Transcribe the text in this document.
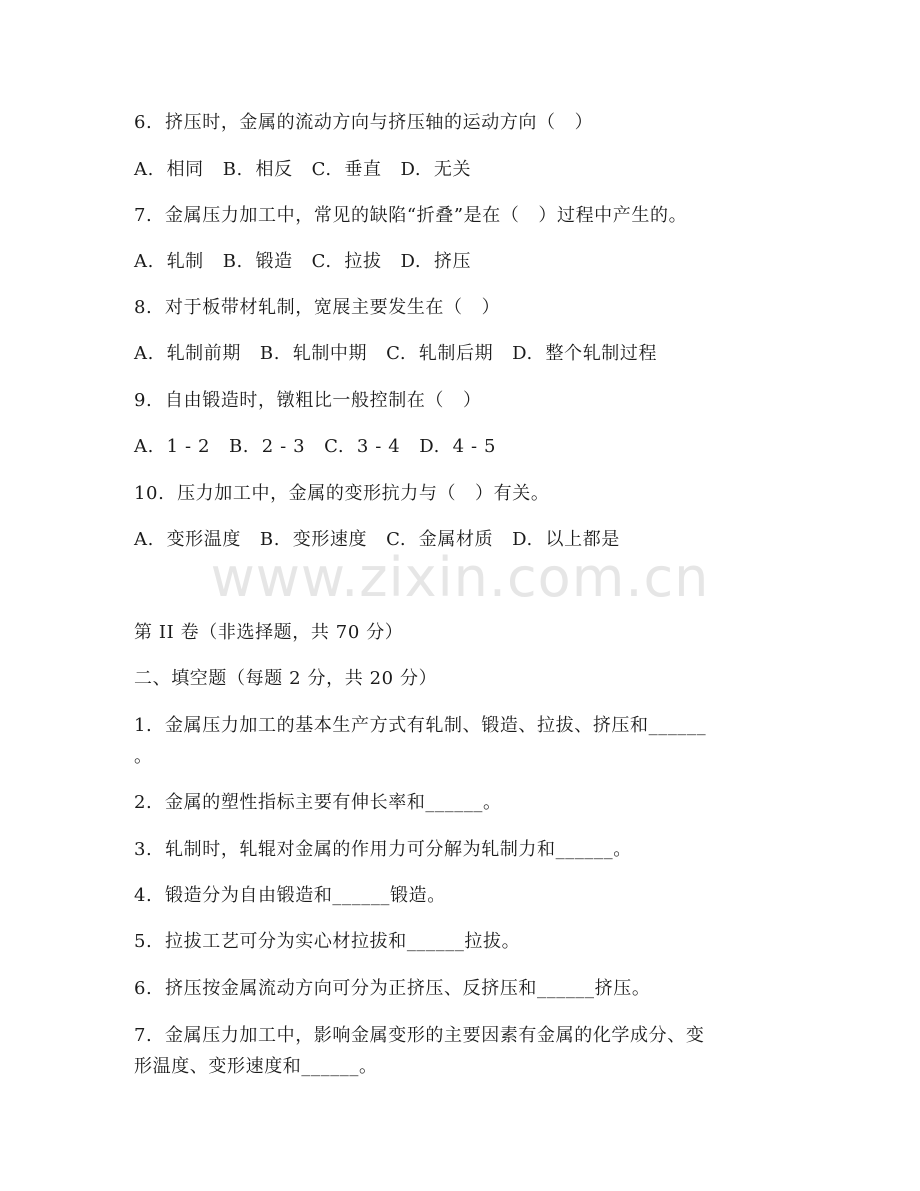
6.  挤压时，金属的流动方向与挤压轴的运动方向（   ）
A.  相同   B.  相反   C.  垂直   D.  无关
7.  金属压力加工中，常见的缺陷“折叠”是在（   ）过程中产生的。
A.  轧制   B.  锻造   C.  拉拔   D.  挤压
8.  对于板带材轧制，宽展主要发生在（   ）
A.  轧制前期   B.  轧制中期   C.  轧制后期   D.  整个轧制过程
9.  自由锻造时，镦粗比一般控制在（   ）
A.  1 - 2   B.  2 - 3   C.  3 - 4   D.  4 - 5
10.  压力加工中，金属的变形抗力与（   ）有关。
A.  变形温度   B.  变形速度   C.  金属材质   D.  以上都是
www.zixin.com.cn
第 II 卷（非选择题，共 70 分）
二、填空题（每题 2 分，共 20 分）
1.  金属压力加工的基本生产方式有轧制、锻造、拉拔、挤压和______
。
2.  金属的塑性指标主要有伸长率和______。
3.  轧制时，轧辊对金属的作用力可分解为轧制力和______。
4.  锻造分为自由锻造和______锻造。
5.  拉拔工艺可分为实心材拉拔和______拉拔。
6.  挤压按金属流动方向可分为正挤压、反挤压和______挤压。
7.  金属压力加工中，影响金属变形的主要因素有金属的化学成分、变
形温度、变形速度和______。
